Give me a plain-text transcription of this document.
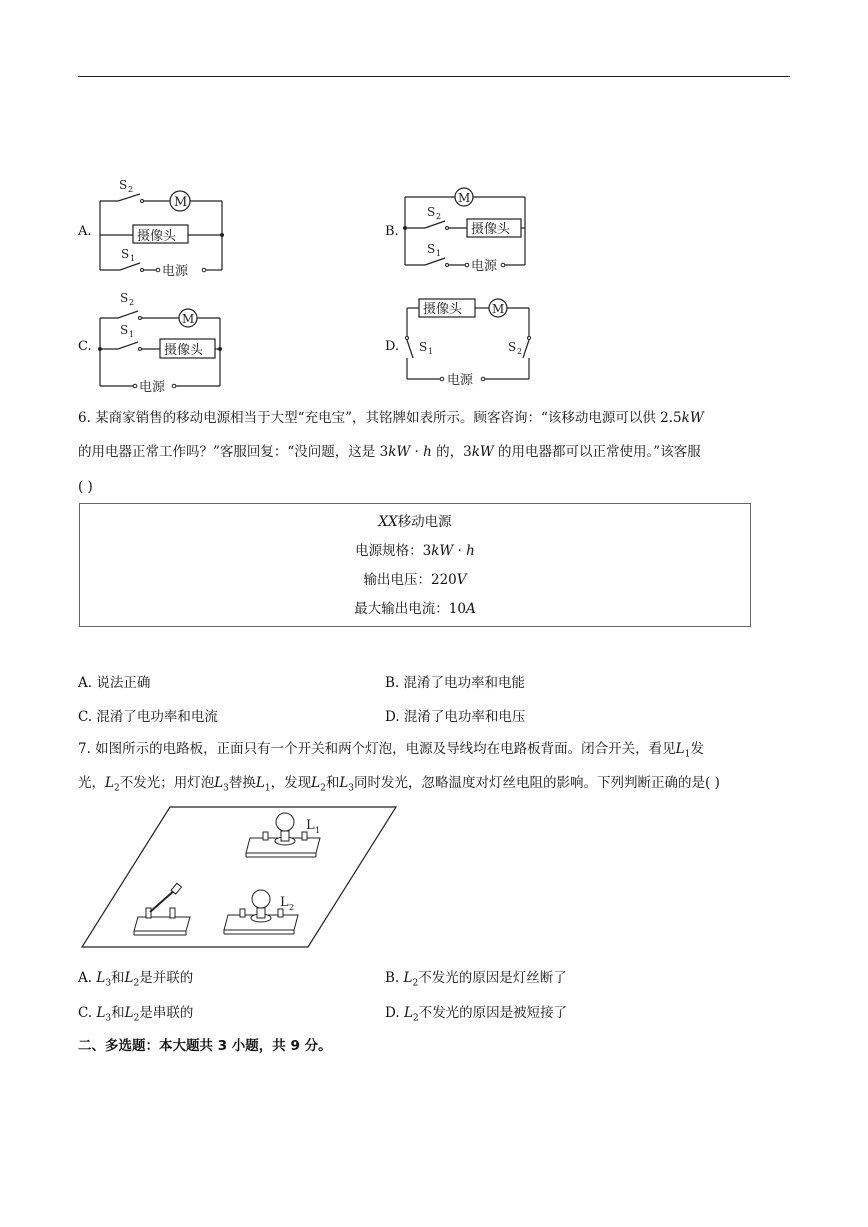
A.
S 2
M
摄像头
S 1
电源
B.
M
S 2
摄像头
S 1
电源
C.
S 2
M
S 1
摄像头
电源
D.
摄像头 M
S 1	S 2
电源
6. 某商家销售的移动电源相当于大型“充电宝”，其铭牌如表所示。顾客咨询：“该移动电源可以供 2.5kW
的用电器正常工作吗？”客服回复：“没问题，这是 3kW · h 的，3kW 的用电器都可以正常使用。”该客服
( )
XX移动电源
电源规格：3kW · h
输出电压：220V
最大输出电流：10A
A. 说法正确	B. 混淆了电功率和电能
C. 混淆了电功率和电流	D. 混淆了电功率和电压
7. 如图所示的电路板，正面只有一个开关和两个灯泡，电源及导线均在电路板背面。闭合开关，看见$L_1$发
光，$L_2$不发光；用灯泡$L_3$替换$L_1$，发现$L_2$和$L_3$同时发光，忽略温度对灯丝电阻的影响。下列判断正确的是( )
L 1
L 2
A. $L_3$和$L_2$是并联的	B. $L_2$不发光的原因是灯丝断了
C. $L_3$和$L_2$是串联的	D. $L_2$不发光的原因是被短接了
二、多选题：本大题共 3 小题，共 9 分。
